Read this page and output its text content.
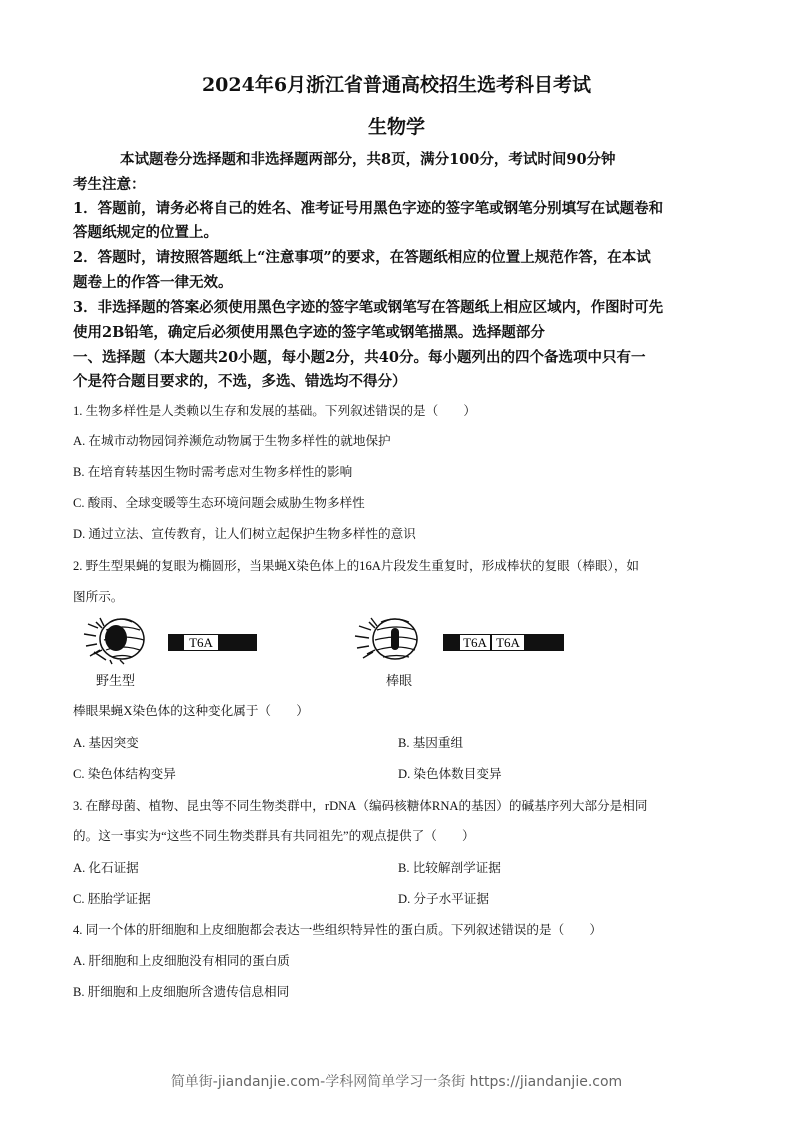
2024年6月浙江省普通高校招生选考科目考试
生物学
本试题卷分选择题和非选择题两部分，共8页，满分100分，考试时间90分钟
考生注意：
1．答题前，请务必将自己的姓名、准考证号用黑色字迹的签字笔或钢笔分别填写在试题卷和
答题纸规定的位置上。
2．答题时，请按照答题纸上“注意事项”的要求，在答题纸相应的位置上规范作答，在本试
题卷上的作答一律无效。
3．非选择题的答案必须使用黑色字迹的签字笔或钢笔写在答题纸上相应区域内，作图时可先
使用2B铅笔，确定后必须使用黑色字迹的签字笔或钢笔描黑。选择题部分
一、选择题（本大题共20小题，每小题2分，共40分。每小题列出的四个备选项中只有一
个是符合题目要求的，不选，多选、错选均不得分）
1. 生物多样性是人类赖以生存和发展的基础。下列叙述错误的是（　　）
A. 在城市动物园饲养濒危动物属于生物多样性的就地保护
B. 在培育转基因生物时需考虑对生物多样性的影响
C. 酸雨、全球变暖等生态环境问题会威胁生物多样性
D. 通过立法、宣传教育，让人们树立起保护生物多样性的意识
2. 野生型果蝇的复眼为椭圆形，当果蝇X染色体上的16A片段发生重复时，形成棒状的复眼（棒眼），如
图所示。
T6A
野生型
T6A T6A
棒眼
棒眼果蝇X染色体的这种变化属于（　　）
A. 基因突变	B. 基因重组
C. 染色体结构变异	D. 染色体数目变异
3. 在酵母菌、植物、昆虫等不同生物类群中，rDNA（编码核糖体RNA的基因）的碱基序列大部分是相同
的。这一事实为“这些不同生物类群具有共同祖先”的观点提供了（　　）
A. 化石证据	B. 比较解剖学证据
C. 胚胎学证据	D. 分子水平证据
4. 同一个体的肝细胞和上皮细胞都会表达一些组织特异性的蛋白质。下列叙述错误的是（　　）
A. 肝细胞和上皮细胞没有相同的蛋白质
B. 肝细胞和上皮细胞所含遗传信息相同
简单街-jiandanjie.com-学科网简单学习一条街 https://jiandanjie.com
